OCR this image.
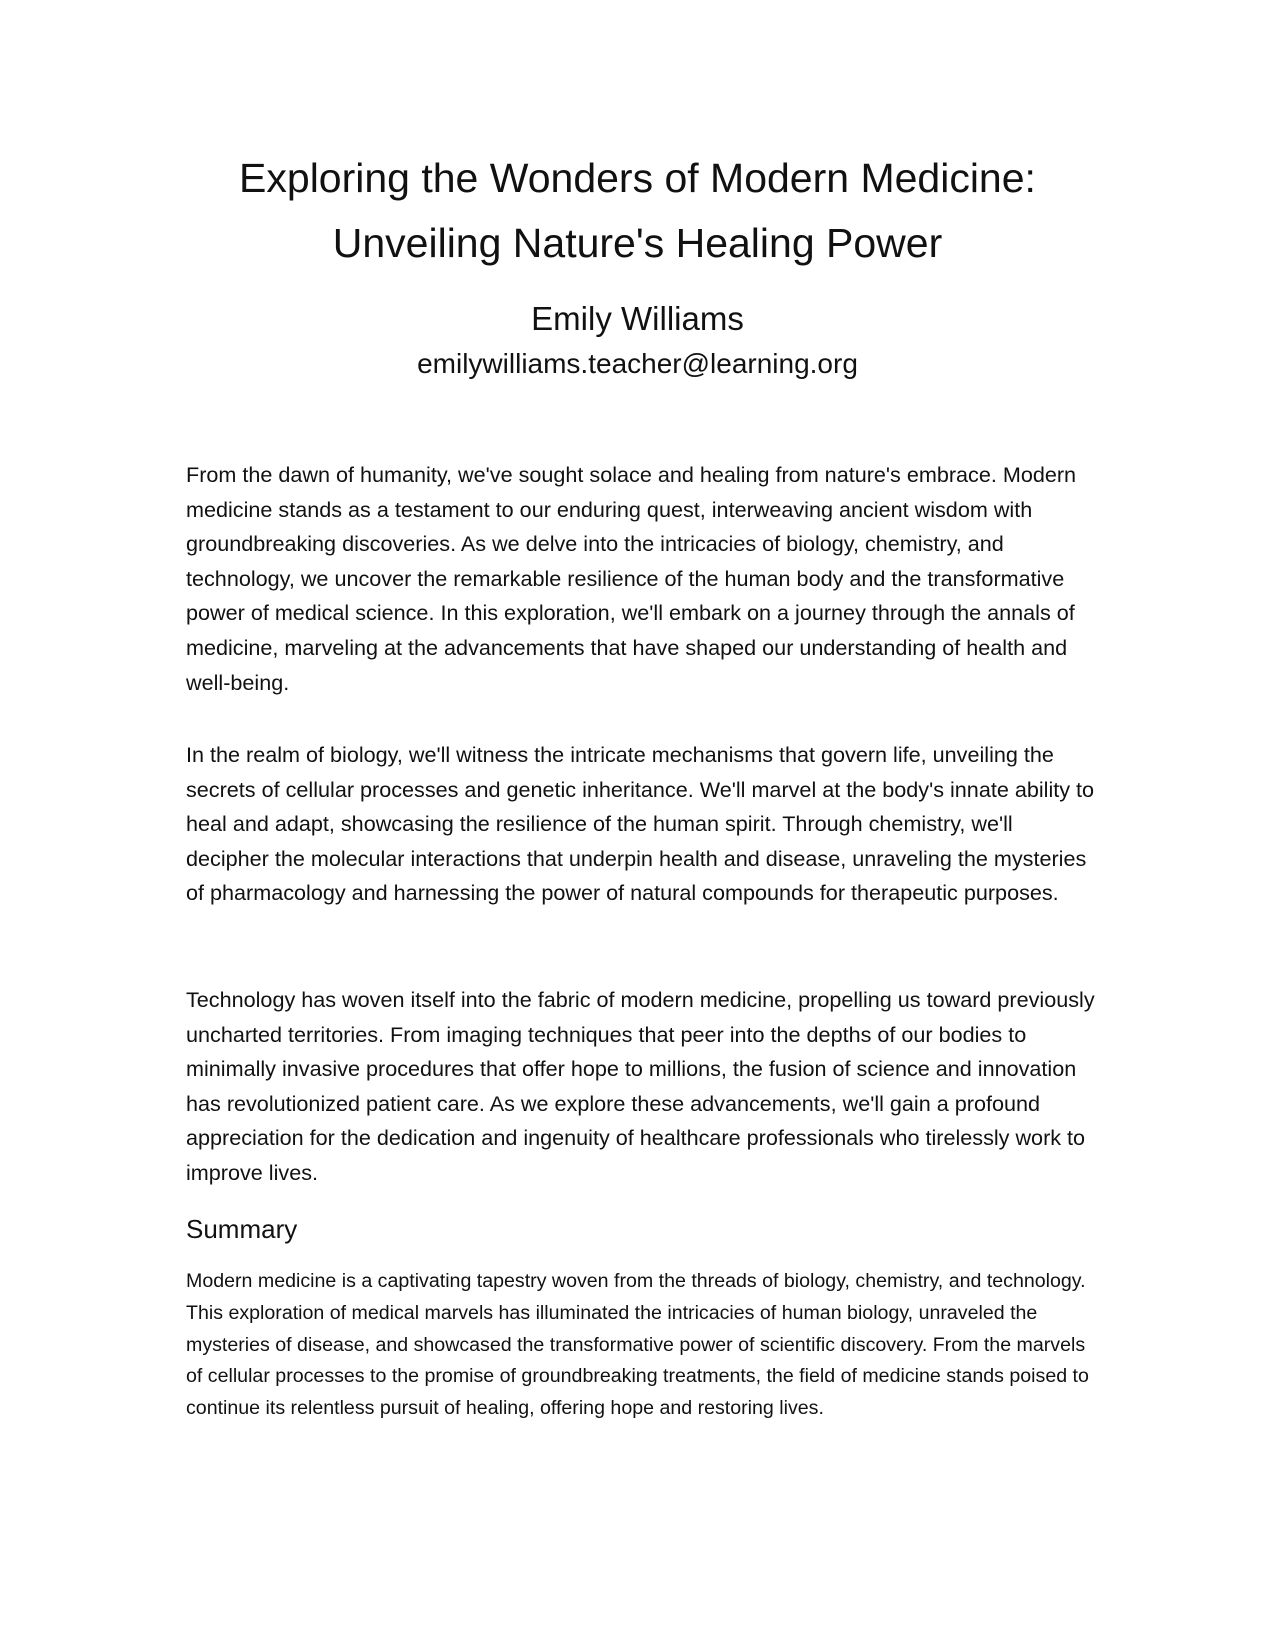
Exploring the Wonders of Modern Medicine: Unveiling Nature's Healing Power

Emily Williams

emilywilliams.teacher@learning.org

From the dawn of humanity, we've sought solace and healing from nature's embrace. Modern medicine stands as a testament to our enduring quest, interweaving ancient wisdom with groundbreaking discoveries. As we delve into the intricacies of biology, chemistry, and technology, we uncover the remarkable resilience of the human body and the transformative power of medical science. In this exploration, we'll embark on a journey through the annals of medicine, marveling at the advancements that have shaped our understanding of health and well-being.

In the realm of biology, we'll witness the intricate mechanisms that govern life, unveiling the secrets of cellular processes and genetic inheritance. We'll marvel at the body's innate ability to heal and adapt, showcasing the resilience of the human spirit. Through chemistry, we'll decipher the molecular interactions that underpin health and disease, unraveling the mysteries of pharmacology and harnessing the power of natural compounds for therapeutic purposes.

Technology has woven itself into the fabric of modern medicine, propelling us toward previously uncharted territories. From imaging techniques that peer into the depths of our bodies to minimally invasive procedures that offer hope to millions, the fusion of science and innovation has revolutionized patient care. As we explore these advancements, we'll gain a profound appreciation for the dedication and ingenuity of healthcare professionals who tirelessly work to improve lives.

Summary

Modern medicine is a captivating tapestry woven from the threads of biology, chemistry, and technology. This exploration of medical marvels has illuminated the intricacies of human biology, unraveled the mysteries of disease, and showcased the transformative power of scientific discovery. From the marvels of cellular processes to the promise of groundbreaking treatments, the field of medicine stands poised to continue its relentless pursuit of healing, offering hope and restoring lives.
